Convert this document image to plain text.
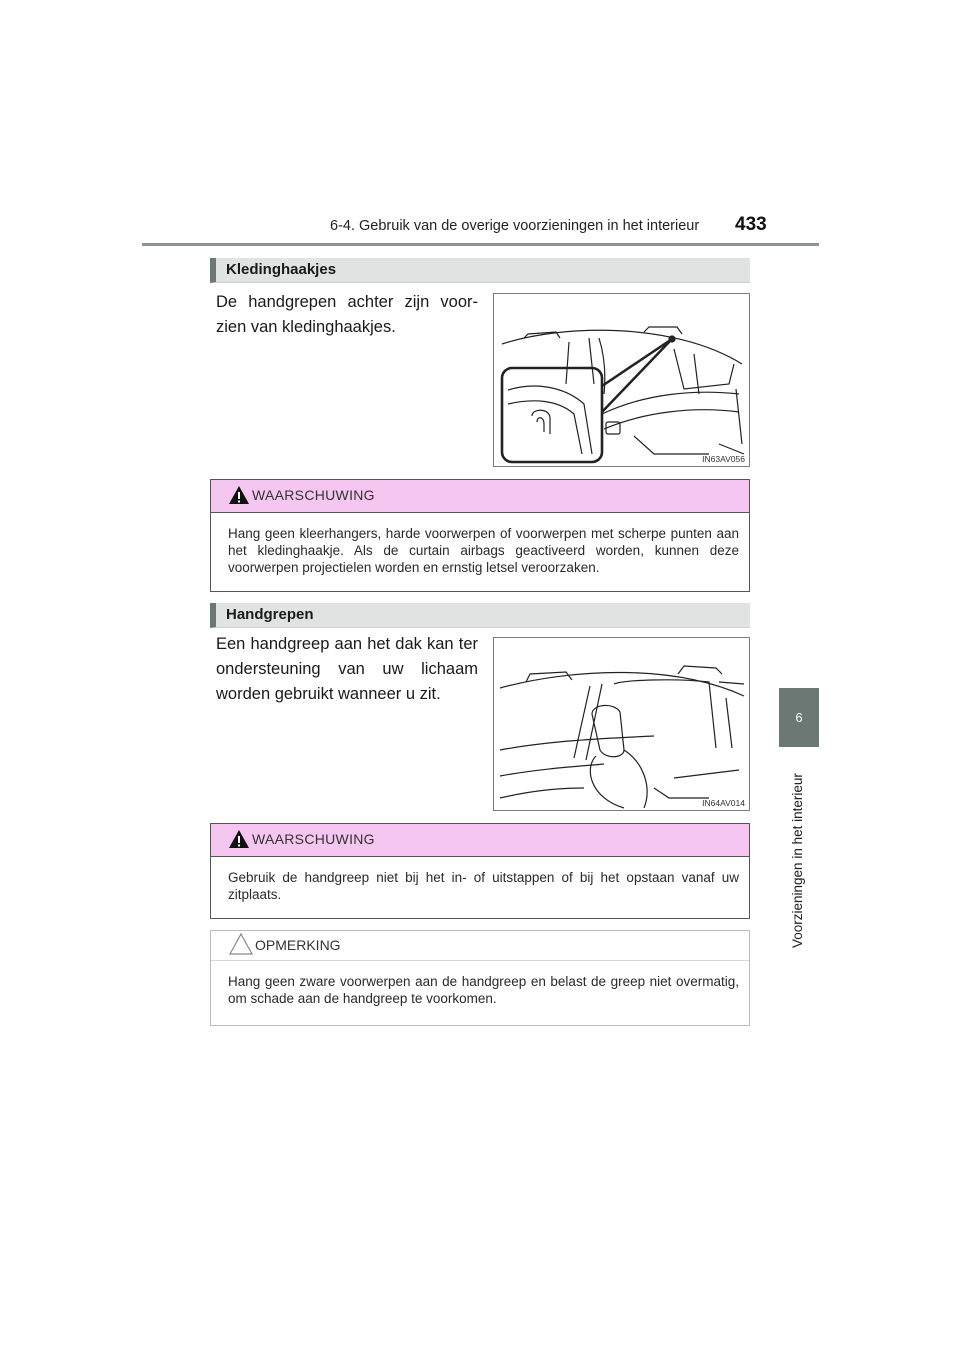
6-4. Gebruik van de overige voorzieningen in het interieur 433
6
Voorzieningen in het interieur
Kledinghaakjes
De handgrepen achter zijn voor-zien van kledinghaakjes.
IN63AV056
WAARSCHUWING
Hang geen kleerhangers, harde voorwerpen of voorwerpen met scherpe punten aan het kledinghaakje. Als de curtain airbags geactiveerd worden, kunnen deze voorwerpen projectielen worden en ernstig letsel veroorzaken.
Handgrepen
Een handgreep aan het dak kan ter ondersteuning van uw lichaam worden gebruikt wanneer u zit.
IN64AV014
WAARSCHUWING
Gebruik de handgreep niet bij het in- of uitstappen of bij het opstaan vanaf uw zitplaats.
OPMERKING
Hang geen zware voorwerpen aan de handgreep en belast de greep niet overmatig, om schade aan de handgreep te voorkomen.
